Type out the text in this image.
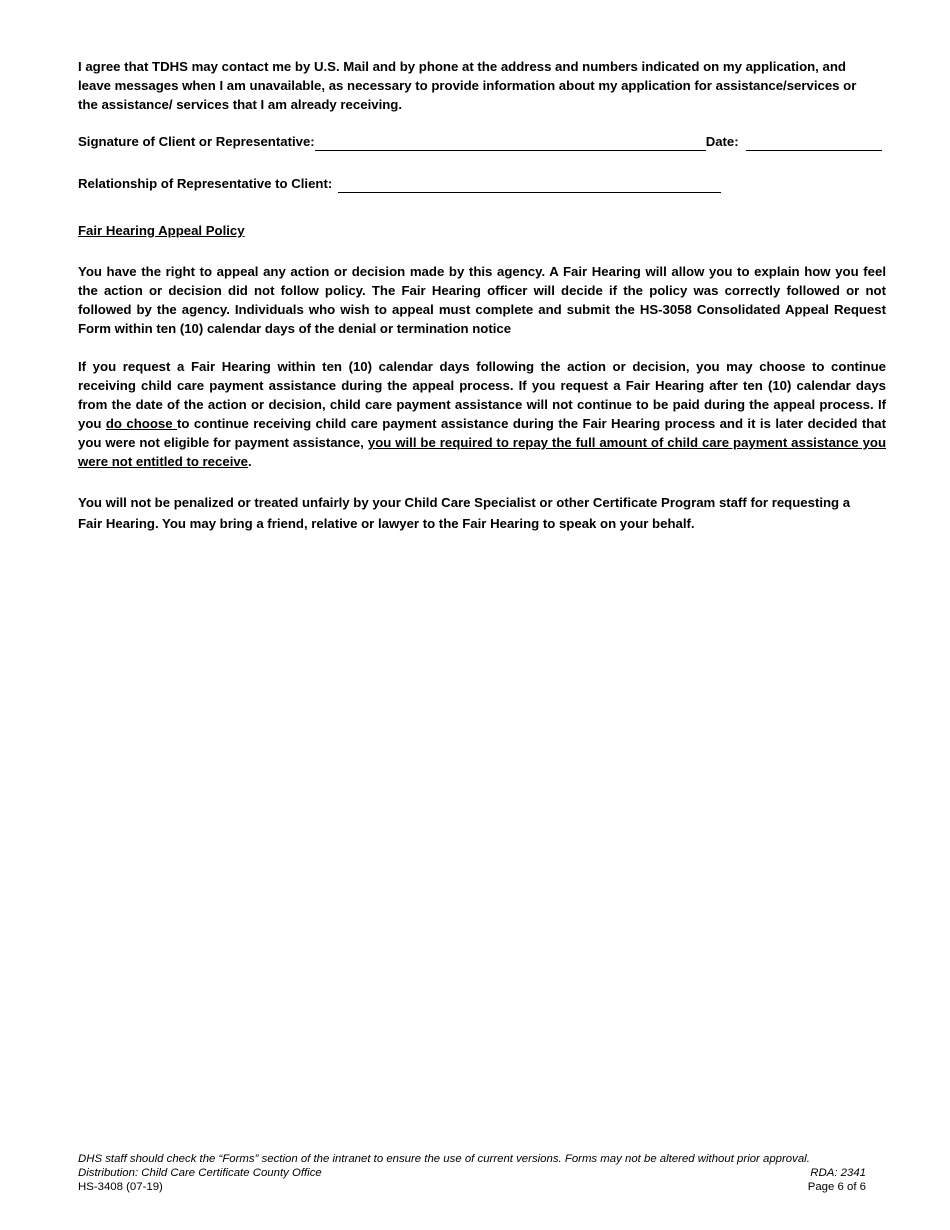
I agree that TDHS may contact me by U.S. Mail and by phone at the address and numbers indicated on my application, and leave messages when I am unavailable, as necessary to provide information about my application for assistance/services or the assistance/ services that I am already receiving.
Signature of Client or Representative:	Date:
Relationship of Representative to Client:
Fair Hearing Appeal Policy
You have the right to appeal any action or decision made by this agency. A Fair Hearing will allow you to explain how you feel the action or decision did not follow policy. The Fair Hearing officer will decide if the policy was correctly followed or not followed by the agency. Individuals who wish to appeal must complete and submit the HS-3058 Consolidated Appeal Request Form within ten (10) calendar days of the denial or termination notice
If you request a Fair Hearing within ten (10) calendar days following the action or decision, you may choose to continue receiving child care payment assistance during the appeal process. If you request a Fair Hearing after ten (10) calendar days from the date of the action or decision, child care payment assistance will not continue to be paid during the appeal process. If you do choose to continue receiving child care payment assistance during the Fair Hearing process and it is later decided that you were not eligible for payment assistance, you will be required to repay the full amount of child care payment assistance you were not entitled to receive.
You will not be penalized or treated unfairly by your Child Care Specialist or other Certificate Program staff for requesting a Fair Hearing. You may bring a friend, relative or lawyer to the Fair Hearing to speak on your behalf.
DHS staff should check the “Forms” section of the intranet to ensure the use of current versions. Forms may not be altered without prior approval.
Distribution: Child Care Certificate County Office	RDA: 2341
HS-3408 (07-19)	Page 6 of 6
